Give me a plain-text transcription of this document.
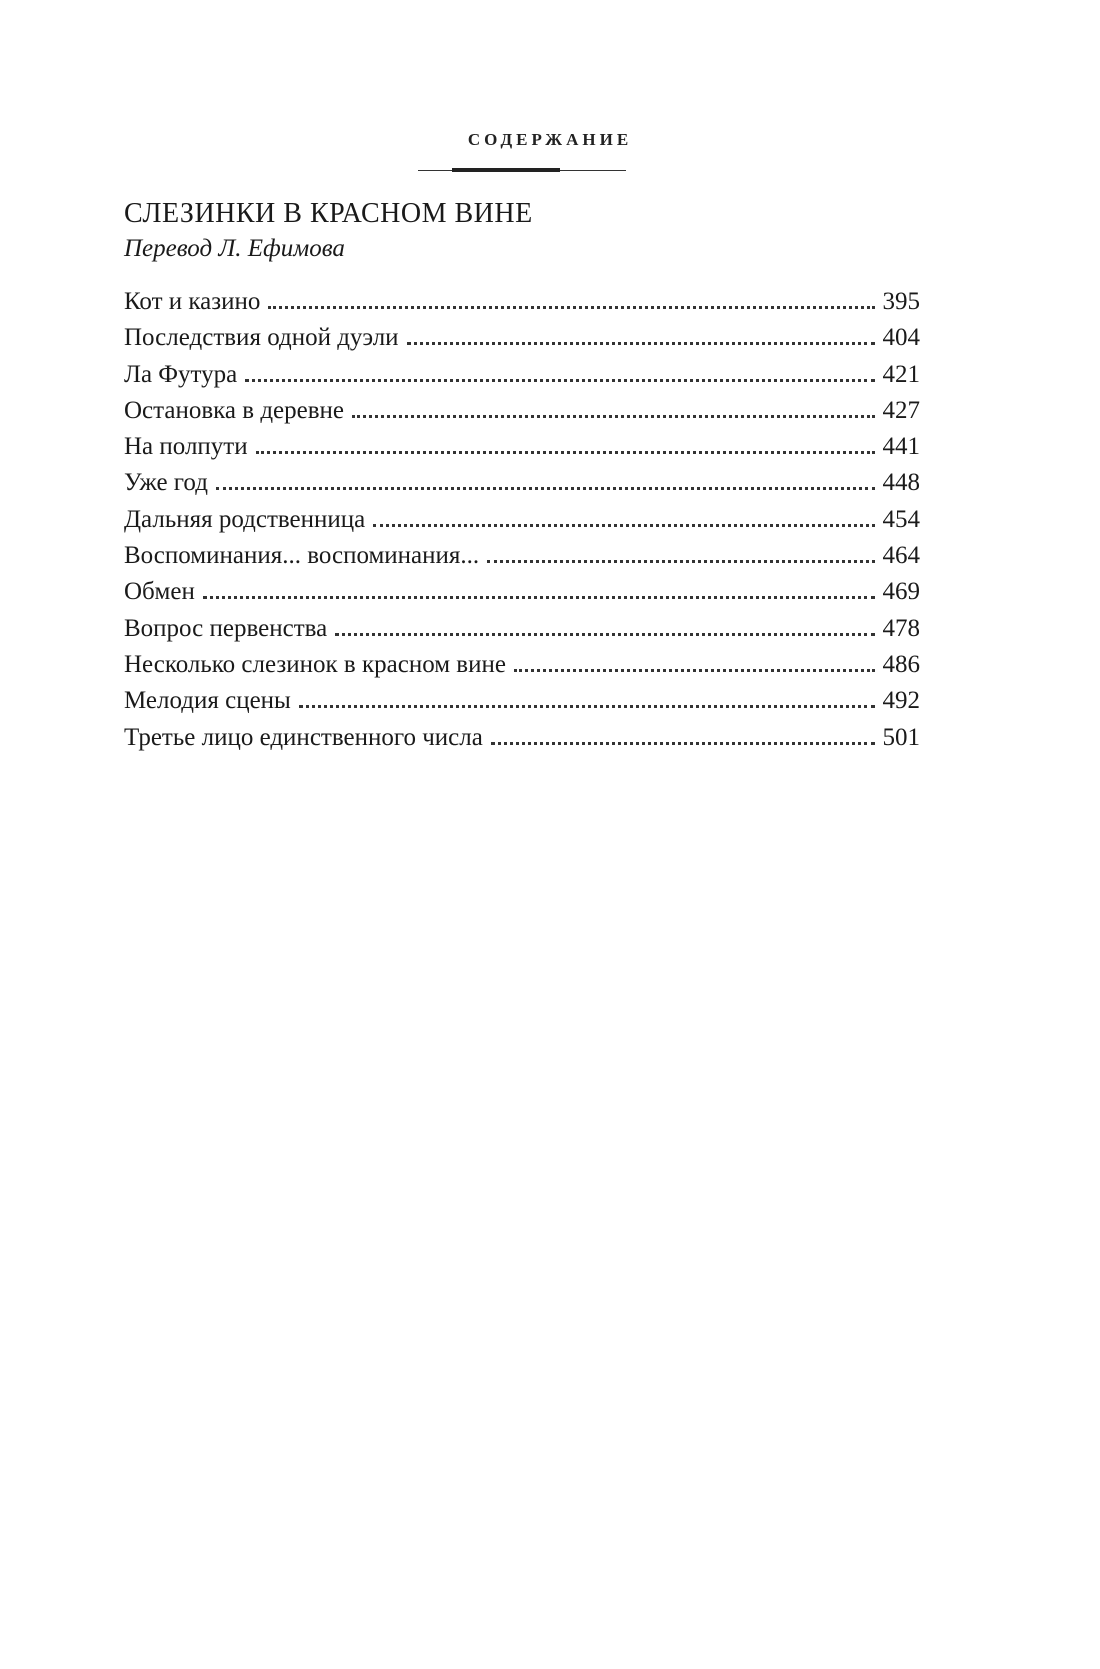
СОДЕРЖАНИЕ
СЛЕЗИНКИ В КРАСНОМ ВИНЕ
Перевод Л. Ефимова
Кот и казино	395
Последствия одной дуэли	404
Ла Футура	421
Остановка в деревне	427
На полпути	441
Уже год	448
Дальняя родственница	454
Воспоминания... воспоминания...	464
Обмен	469
Вопрос первенства	478
Несколько слезинок в красном вине	486
Мелодия сцены	492
Третье лицо единственного числа	501
